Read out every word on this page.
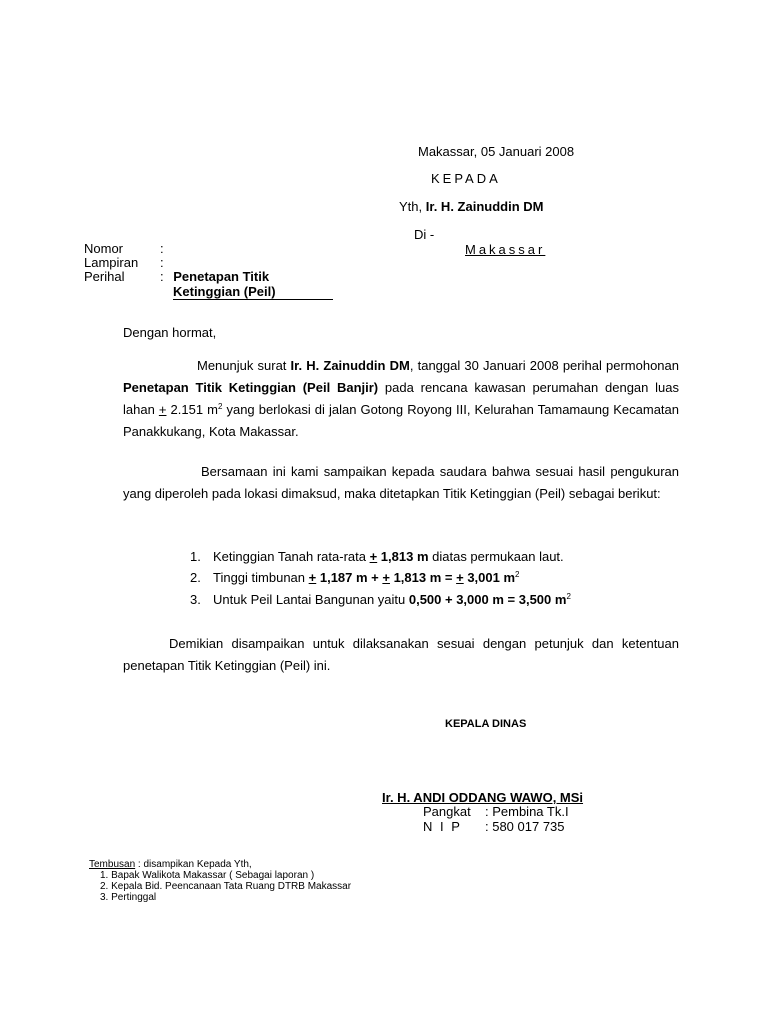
Makassar, 05 Januari 2008
KEPADA
Yth, Ir. H. Zainuddin DM
Di -
Makassar
Nomor	:
Lampiran :
Perihal	: Penetapan Titik
Ketinggian (Peil)
Dengan hormat,
Menunjuk surat Ir. H. Zainuddin DM, tanggal 30 Januari 2008 perihal permohonan Penetapan Titik Ketinggian (Peil Banjir) pada rencana kawasan perumahan dengan luas lahan + 2.151 $m^2$ yang berlokasi di jalan Gotong Royong III, Kelurahan Tamamaung Kecamatan Panakkukang, Kota Makassar.
Bersamaan ini kami sampaikan kepada saudara bahwa sesuai hasil pengukuran yang diperoleh pada lokasi dimaksud, maka ditetapkan Titik Ketinggian (Peil) sebagai berikut:
1. Ketinggian Tanah rata-rata + 1,813 m diatas permukaan laut.
2. Tinggi timbunan + 1,187 m + + 1,813 m = + 3,001 $m^2$
3. Untuk Peil Lantai Bangunan yaitu 0,500 + 3,000 m = 3,500 $m^2$
Demikian disampaikan untuk dilaksanakan sesuai dengan petunjuk dan ketentuan penetapan Titik Ketinggian (Peil) ini.
KEPALA DINAS
Ir. H. ANDI ODDANG WAWO, MSi
Pangkat : Pembina Tk.I
N I P : 580 017 735
Tembusan : disampikan Kepada Yth,
1. Bapak Walikota Makassar ( Sebagai laporan )
2. Kepala Bid. Peencanaan Tata Ruang DTRB Makassar
3. Pertinggal
